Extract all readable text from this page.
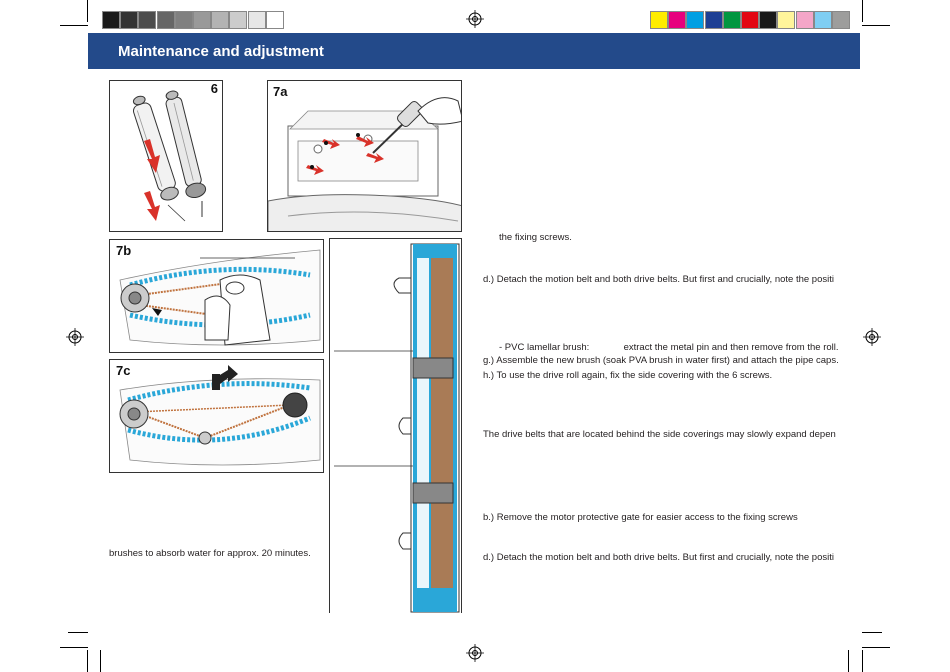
Maintenance and adjustment
6	7a
7b
7c
brushes to absorb water for approx. 20 minutes.
the fixing screws.
d.) Detach the motion belt and both drive belts. But first and crucially, note the positi
- PVC lamellar brush:             extract the metal pin and then remove from the roll.
g.) Assemble the new brush (soak PVA brush in water first) and attach the pipe caps.
h.) To use the drive roll again, fix the side covering with the 6 screws.
The drive belts that are located behind the side coverings may slowly expand depen
b.) Remove the motor protective gate for easier access to the fixing screws
d.) Detach the motion belt and both drive belts. But first and crucially, note the positi
